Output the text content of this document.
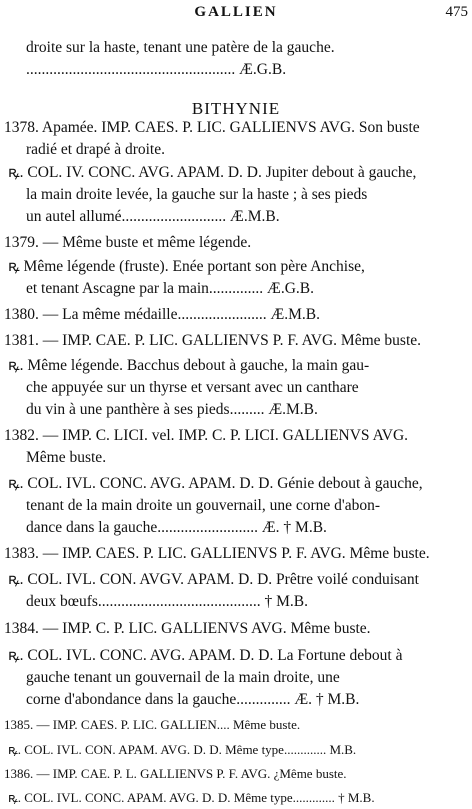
GALLIEN	475
BITHYNIE
droite sur la haste, tenant une patère de la gauche.
...................................................... Æ.G.B.
1378. Apamée. IMP. CAES. P. LIC. GALLIENVS AVG. Son buste
radié et drapé à droite.
ꝶ. COL. IV. CONC. AVG. APAM. D. D. Jupiter debout à gauche,
la main droite levée, la gauche sur la haste ; à ses pieds
un autel allumé........................... Æ.M.B.
1379. — Même buste et même légende.
ꝶ Même légende (fruste). Enée portant son père Anchise,
et tenant Ascagne par la main.............. Æ.G.B.
1380. — La même médaille....................... Æ.M.B.
1381. — IMP. CAE. P. LIC. GALLIENVS P. F. AVG. Même buste.
ꝶ. Même légende. Bacchus debout à gauche, la main gau-
che appuyée sur un thyrse et versant avec un canthare
du vin à une panthère à ses pieds......... Æ.M.B.
1382. — IMP. C. LICI. vel. IMP. C. P. LICI. GALLIENVS AVG.
Même buste.
ꝶ. COL. IVL. CONC. AVG. APAM. D. D. Génie debout à gauche,
tenant de la main droite un gouvernail, une corne d'abon-
dance dans la gauche.......................... Æ. † M.B.
1383. — IMP. CAES. P. LIC. GALLIENVS P. F. AVG. Même buste.
ꝶ. COL. IVL. CON. AVGV. APAM. D. D. Prêtre voilé conduisant
deux bœufs.......................................... † M.B.
1384. — IMP. C. P. LIC. GALLIENVS AVG. Même buste.
ꝶ. COL. IVL. CONC. AVG. APAM. D. D. La Fortune debout à
gauche tenant un gouvernail de la main droite, une
corne d'abondance dans la gauche.............. Æ. † M.B.
1385. — IMP. CAES. P. LIC. GALLIEN.... Même buste.
ꝶ. COL. IVL. CON. APAM. AVG. D. D. Même type............. M.B.
1386. — IMP. CAE. P. L. GALLIENVS P. F. AVG. ¿Même buste.
ꝶ. COL. IVL. CONC. APAM. AVG. D. D. Même type............. † M.B.
